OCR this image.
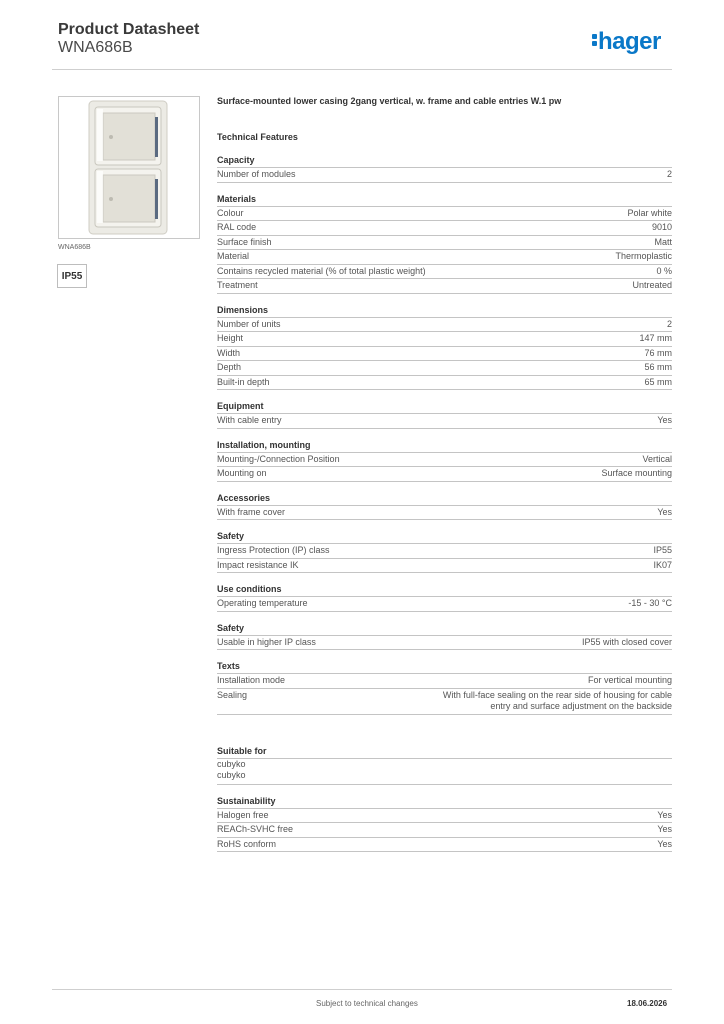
Product Datasheet
WNA686B	hager
WNA686B
IP55
Surface-mounted lower casing 2gang vertical, w. frame and cable entries W.1 pw
Technical Features
Capacity
Number of modules	2
Materials
Colour	Polar white
RAL code	9010
Surface finish	Matt
Material	Thermoplastic
Contains recycled material (% of total plastic weight)	0 %
Treatment	Untreated
Dimensions
Number of units	2
Height	147 mm
Width	76 mm
Depth	56 mm
Built-in depth	65 mm
Equipment
With cable entry	Yes
Installation, mounting
Mounting-/Connection Position	Vertical
Mounting on	Surface mounting
Accessories
With frame cover	Yes
Safety
Ingress Protection (IP) class	IP55
Impact resistance IK	IK07
Use conditions
Operating temperature	-15 - 30 °C
Safety
Usable in higher IP class	IP55 with closed cover
Texts
Installation mode	For vertical mounting
Sealing	With full-face sealing on the rear side of housing for cable entry and surface adjustment on the backside
Suitable for
cubyko
cubyko
Sustainability
Halogen free	Yes
REACh-SVHC free	Yes
RoHS conform	Yes
Subject to technical changes	18.06.2026
